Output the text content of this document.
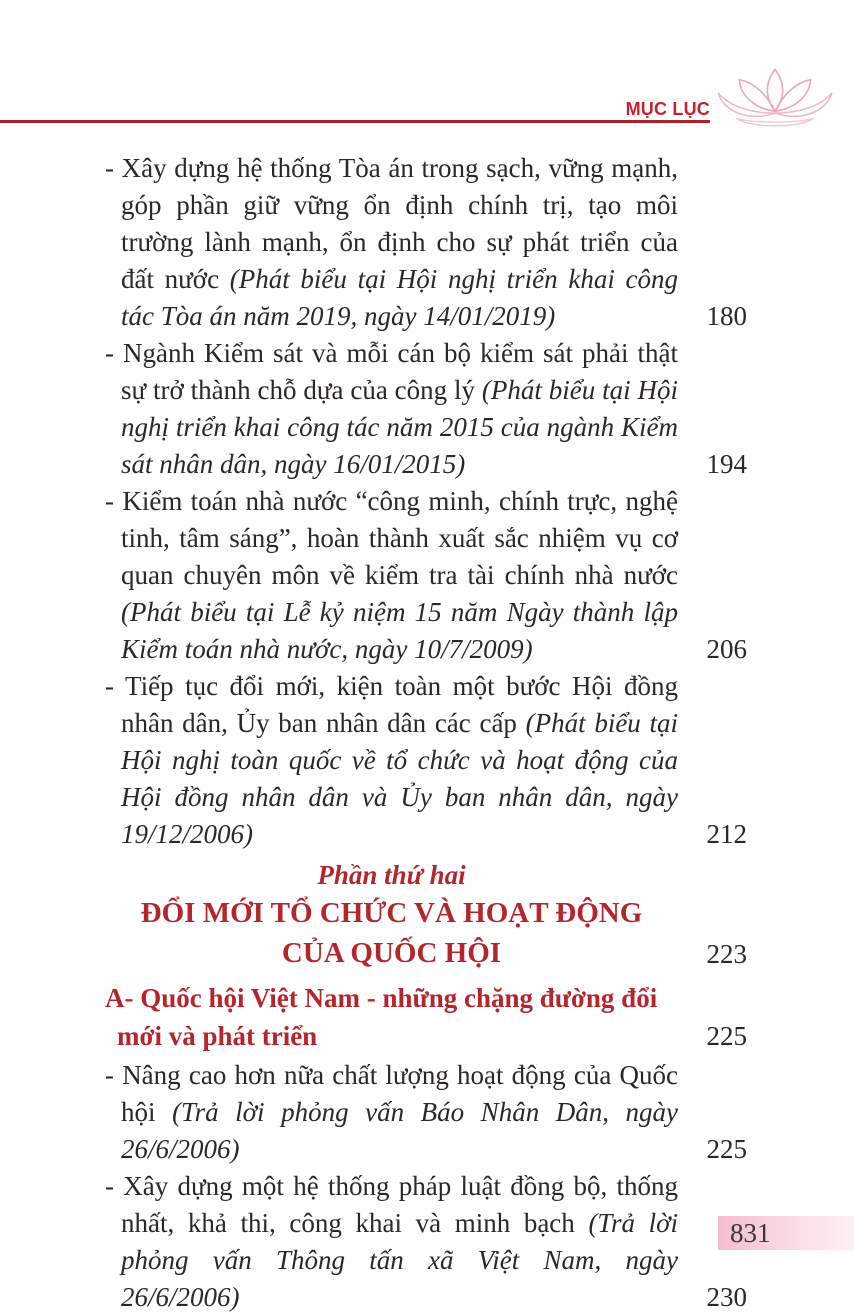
MỤC LỤC

- Xây dựng hệ thống Tòa án trong sạch, vững mạnh, góp phần giữ vững ổn định chính trị, tạo môi trường lành mạnh, ổn định cho sự phát triển của đất nước (Phát biểu tại Hội nghị triển khai công tác Tòa án năm 2019, ngày 14/01/2019)	180

- Ngành Kiểm sát và mỗi cán bộ kiểm sát phải thật sự trở thành chỗ dựa của công lý (Phát biểu tại Hội nghị triển khai công tác năm 2015 của ngành Kiểm sát nhân dân, ngày 16/01/2015)	194

- Kiểm toán nhà nước “công minh, chính trực, nghệ tinh, tâm sáng”, hoàn thành xuất sắc nhiệm vụ cơ quan chuyên môn về kiểm tra tài chính nhà nước (Phát biểu tại Lễ kỷ niệm 15 năm Ngày thành lập Kiểm toán nhà nước, ngày 10/7/2009)	206

- Tiếp tục đổi mới, kiện toàn một bước Hội đồng nhân dân, Ủy ban nhân dân các cấp (Phát biểu tại Hội nghị toàn quốc về tổ chức và hoạt động của Hội đồng nhân dân và Ủy ban nhân dân, ngày 19/12/2006)	212

Phần thứ hai
ĐỔI MỚI TỔ CHỨC VÀ HOẠT ĐỘNG
CỦA QUỐC HỘI	223

A- Quốc hội Việt Nam - những chặng đường đổi mới và phát triển	225

- Nâng cao hơn nữa chất lượng hoạt động của Quốc hội (Trả lời phỏng vấn Báo Nhân Dân, ngày 26/6/2006)	225

- Xây dựng một hệ thống pháp luật đồng bộ, thống nhất, khả thi, công khai và minh bạch (Trả lời phỏng vấn Thông tấn xã Việt Nam, ngày 26/6/2006)	230

831
